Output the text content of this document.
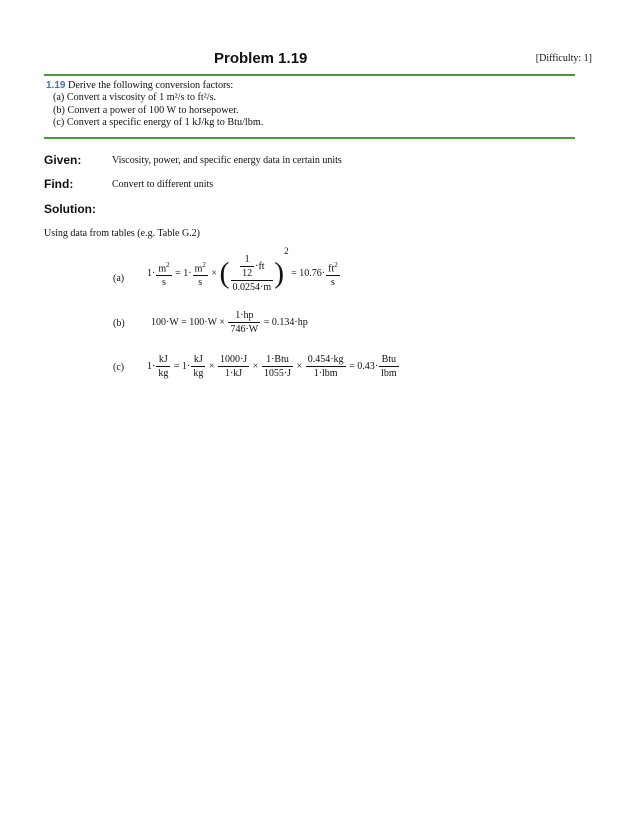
Problem 1.19	[Difficulty: 1]
1.19 Derive the following conversion factors:
(a) Convert a viscosity of 1 m²/s to ft²/s.
(b) Convert a power of 100 W to horsepower.
(c) Convert a specific energy of 1 kJ/kg to Btu/lbm.
Given:	Viscosity, power, and specific energy data in certain units
Find:	Convert to different units
Solution:
Using data from tables (e.g. Table G.2)
(a) $1\cdot \frac{m^2}{s} = 1\cdot \frac{m^2}{s}$ × ( $\frac{\frac{1}{12} \cdot ft}{0.0254\cdot m} )^2 = 10.76\cdot \frac{ft^2}{s}$
(b)	$100\cdot W = 100\cdot W \times \frac{1\cdot hp}{746\cdot W} = 0.134\cdot hp$
(c) $1\cdot \frac{kJ}{kg} = 1\cdot \frac{kJ}{kg} \times \frac{1000\cdot J}{1\cdot kJ} \times \frac{\text{1·Btu}}{1055\cdot J} \times \frac{0.454\cdot kg}{\text{1·lbm}} = 0.43\cdot \frac{\text{Btu}}{\text{lbm}}$
